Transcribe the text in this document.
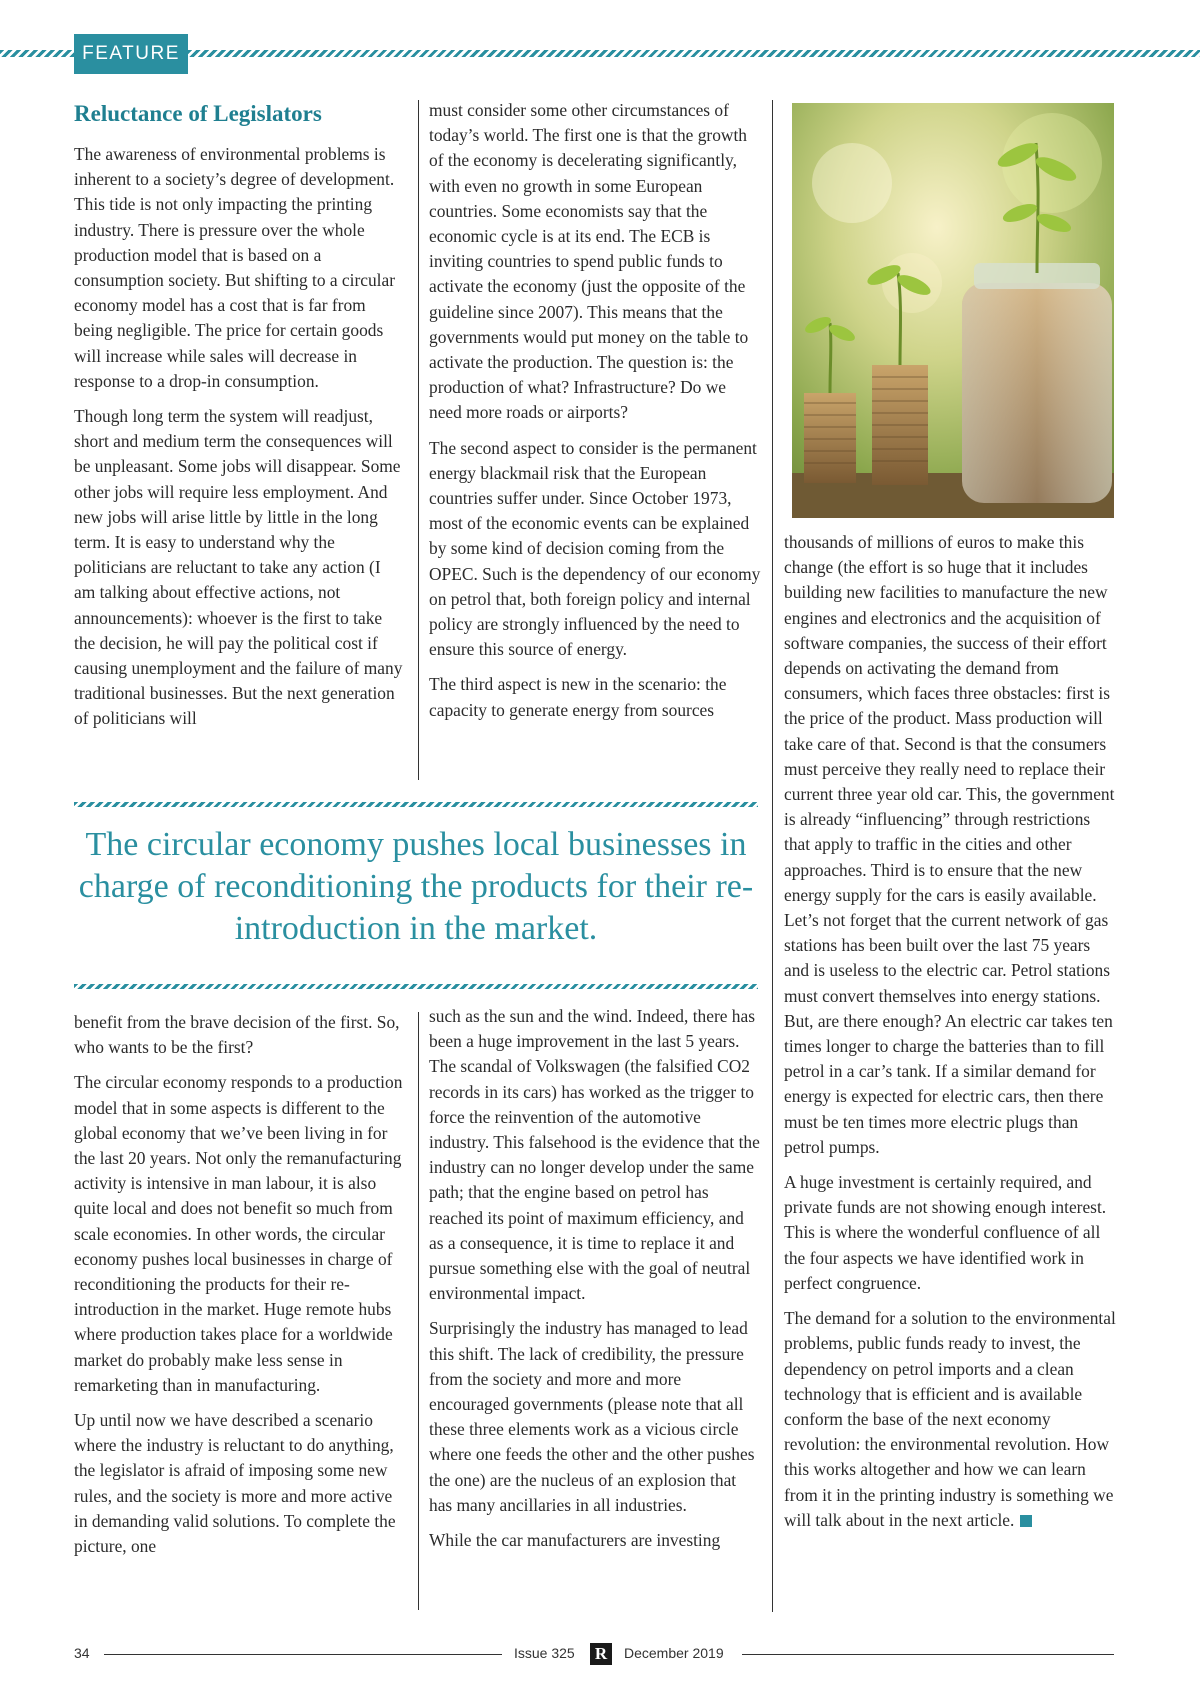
FEATURE
Reluctance of Legislators

The awareness of environmental problems is inherent to a society’s degree of development. This tide is not only impacting the printing industry. There is pressure over the whole production model that is based on a consumption society. But shifting to a circular economy model has a cost that is far from being negligible. The price for certain goods will increase while sales will decrease in response to a drop-in consumption.

Though long term the system will readjust, short and medium term the consequences will be unpleasant. Some jobs will disappear. Some other jobs will require less employment. And new jobs will arise little by little in the long term. It is easy to understand why the politicians are reluctant to take any action (I am talking about effective actions, not announcements): whoever is the first to take the decision, he will pay the political cost if causing unemployment and the failure of many traditional businesses. But the next generation of politicians will

must consider some other circumstances of today’s world. The first one is that the growth of the economy is decelerating significantly, with even no growth in some European countries. Some economists say that the economic cycle is at its end. The ECB is inviting countries to spend public funds to activate the economy (just the opposite of the guideline since 2007). This means that the governments would put money on the table to activate the production. The question is: the production of what? Infrastructure? Do we need more roads or airports?

The second aspect to consider is the permanent energy blackmail risk that the European countries suffer under. Since October 1973, most of the economic events can be explained by some kind of decision coming from the OPEC. Such is the dependency of our economy on petrol that, both foreign policy and internal policy are strongly influenced by the need to ensure this source of energy.

The third aspect is new in the scenario: the capacity to generate energy from sources

The circular economy pushes local businesses in charge of reconditioning the products for their re-introduction in the market.

benefit from the brave decision of the first. So, who wants to be the first?

The circular economy responds to a production model that in some aspects is different to the global economy that we’ve been living in for the last 20 years. Not only the remanufacturing activity is intensive in man labour, it is also quite local and does not benefit so much from scale economies. In other words, the circular economy pushes local businesses in charge of reconditioning the products for their re-introduction in the market. Huge remote hubs where production takes place for a worldwide market do probably make less sense in remarketing than in manufacturing.

Up until now we have described a scenario where the industry is reluctant to do anything, the legislator is afraid of imposing some new rules, and the society is more and more active in demanding valid solutions. To complete the picture, one

such as the sun and the wind. Indeed, there has been a huge improvement in the last 5 years. The scandal of Volkswagen (the falsified CO2 records in its cars) has worked as the trigger to force the reinvention of the automotive industry. This falsehood is the evidence that the industry can no longer develop under the same path; that the engine based on petrol has reached its point of maximum efficiency, and as a consequence, it is time to replace it and pursue something else with the goal of neutral environmental impact.

Surprisingly the industry has managed to lead this shift. The lack of credibility, the pressure from the society and more and more encouraged governments (please note that all these three elements work as a vicious circle where one feeds the other and the other pushes the one) are the nucleus of an explosion that has many ancillaries in all industries.

While the car manufacturers are investing

thousands of millions of euros to make this change (the effort is so huge that it includes building new facilities to manufacture the new engines and electronics and the acquisition of software companies, the success of their effort depends on activating the demand from consumers, which faces three obstacles: first is the price of the product. Mass production will take care of that. Second is that the consumers must perceive they really need to replace their current three year old car. This, the government is already “influencing” through restrictions that apply to traffic in the cities and other approaches. Third is to ensure that the new energy supply for the cars is easily available. Let’s not forget that the current network of gas stations has been built over the last 75 years and is useless to the electric car. Petrol stations must convert themselves into energy stations. But, are there enough? An electric car takes ten times longer to charge the batteries than to fill petrol in a car’s tank. If a similar demand for energy is expected for electric cars, then there must be ten times more electric plugs than petrol pumps.

A huge investment is certainly required, and private funds are not showing enough interest. This is where the wonderful confluence of all the four aspects we have identified work in perfect congruence.

The demand for a solution to the environmental problems, public funds ready to invest, the dependency on petrol imports and a clean technology that is efficient and is available conform the base of the next economy revolution: the environmental revolution. How this works altogether and how we can learn from it in the printing industry is something we will talk about in the next article.

34	Issue 325 R	December 2019
